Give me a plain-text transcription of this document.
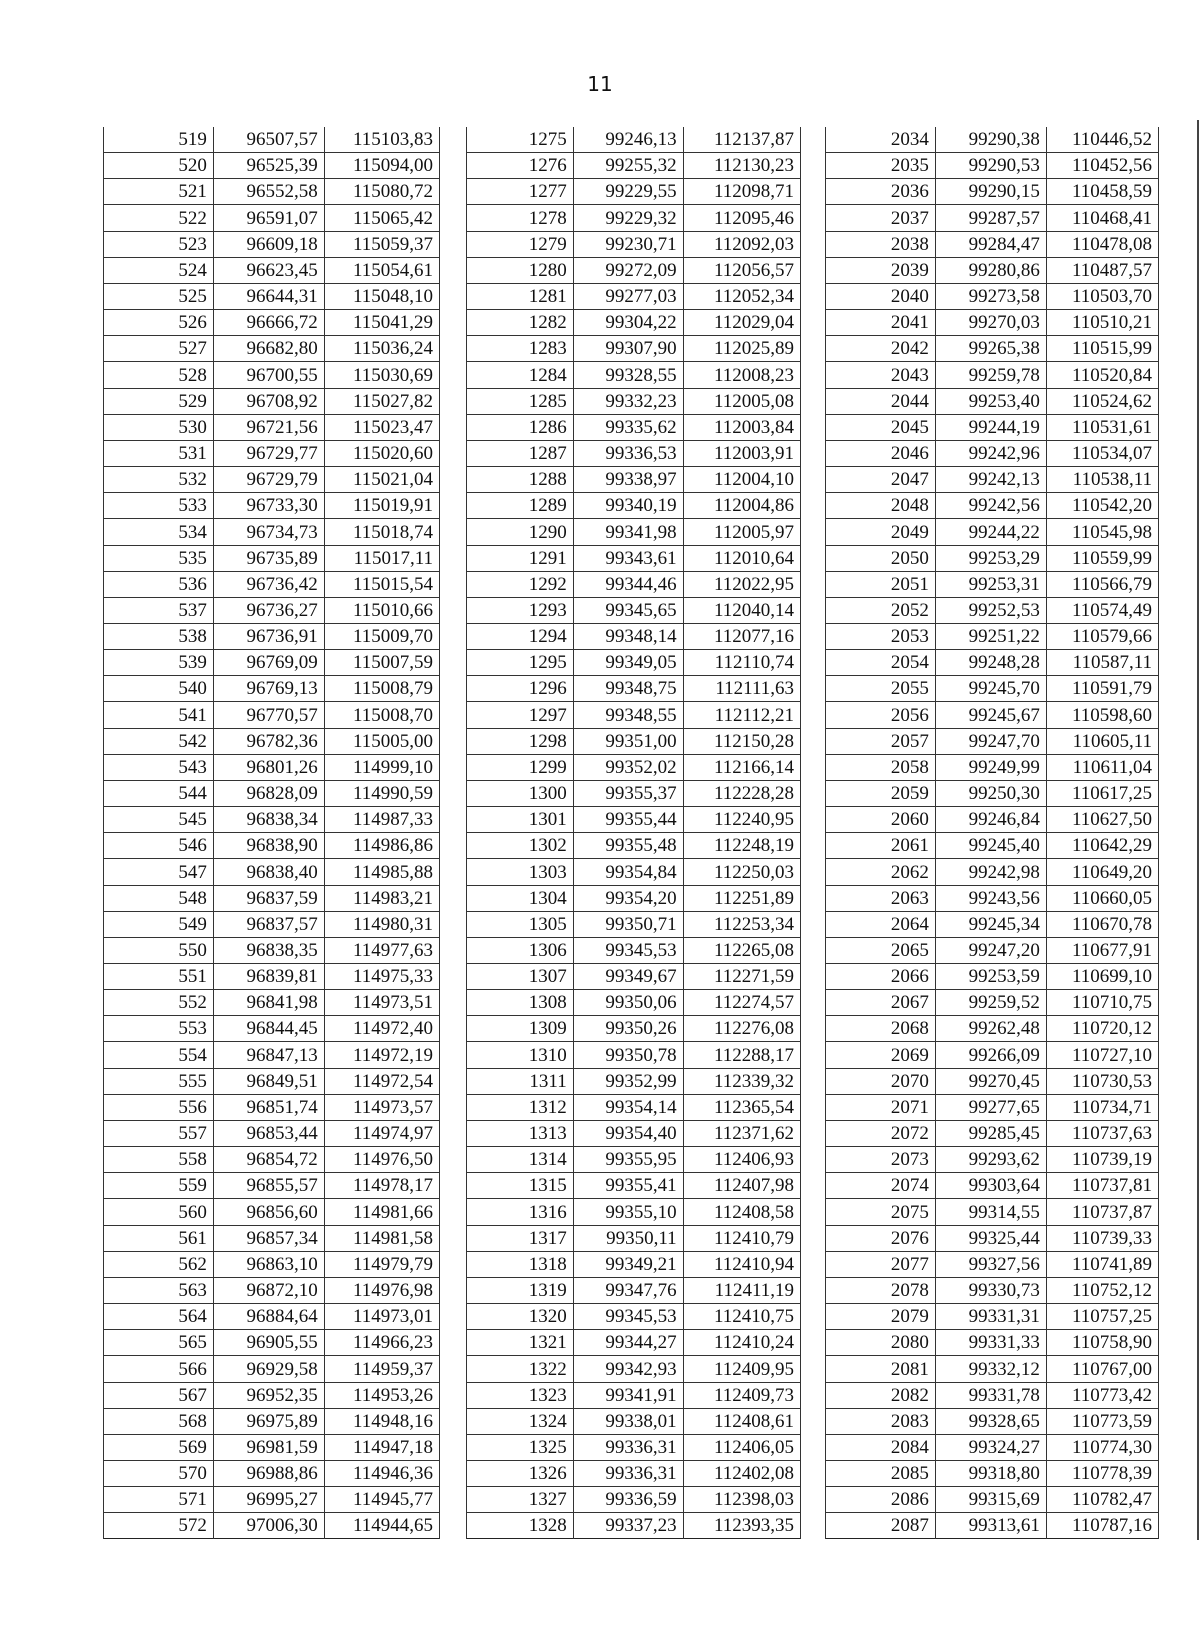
11
519	96507,57	115103,83
520	96525,39	115094,00
521	96552,58	115080,72
522	96591,07	115065,42
523	96609,18	115059,37
524	96623,45	115054,61
525	96644,31	115048,10
526	96666,72	115041,29
527	96682,80	115036,24
528	96700,55	115030,69
529	96708,92	115027,82
530	96721,56	115023,47
531	96729,77	115020,60
532	96729,79	115021,04
533	96733,30	115019,91
534	96734,73	115018,74
535	96735,89	115017,11
536	96736,42	115015,54
537	96736,27	115010,66
538	96736,91	115009,70
539	96769,09	115007,59
540	96769,13	115008,79
541	96770,57	115008,70
542	96782,36	115005,00
543	96801,26	114999,10
544	96828,09	114990,59
545	96838,34	114987,33
546	96838,90	114986,86
547	96838,40	114985,88
548	96837,59	114983,21
549	96837,57	114980,31
550	96838,35	114977,63
551	96839,81	114975,33
552	96841,98	114973,51
553	96844,45	114972,40
554	96847,13	114972,19
555	96849,51	114972,54
556	96851,74	114973,57
557	96853,44	114974,97
558	96854,72	114976,50
559	96855,57	114978,17
560	96856,60	114981,66
561	96857,34	114981,58
562	96863,10	114979,79
563	96872,10	114976,98
564	96884,64	114973,01
565	96905,55	114966,23
566	96929,58	114959,37
567	96952,35	114953,26
568	96975,89	114948,16
569	96981,59	114947,18
570	96988,86	114946,36
571	96995,27	114945,77
572	97006,30	114944,65
1275	99246,13	112137,87
1276	99255,32	112130,23
1277	99229,55	112098,71
1278	99229,32	112095,46
1279	99230,71	112092,03
1280	99272,09	112056,57
1281	99277,03	112052,34
1282	99304,22	112029,04
1283	99307,90	112025,89
1284	99328,55	112008,23
1285	99332,23	112005,08
1286	99335,62	112003,84
1287	99336,53	112003,91
1288	99338,97	112004,10
1289	99340,19	112004,86
1290	99341,98	112005,97
1291	99343,61	112010,64
1292	99344,46	112022,95
1293	99345,65	112040,14
1294	99348,14	112077,16
1295	99349,05	112110,74
1296	99348,75	112111,63
1297	99348,55	112112,21
1298	99351,00	112150,28
1299	99352,02	112166,14
1300	99355,37	112228,28
1301	99355,44	112240,95
1302	99355,48	112248,19
1303	99354,84	112250,03
1304	99354,20	112251,89
1305	99350,71	112253,34
1306	99345,53	112265,08
1307	99349,67	112271,59
1308	99350,06	112274,57
1309	99350,26	112276,08
1310	99350,78	112288,17
1311	99352,99	112339,32
1312	99354,14	112365,54
1313	99354,40	112371,62
1314	99355,95	112406,93
1315	99355,41	112407,98
1316	99355,10	112408,58
1317	99350,11	112410,79
1318	99349,21	112410,94
1319	99347,76	112411,19
1320	99345,53	112410,75
1321	99344,27	112410,24
1322	99342,93	112409,95
1323	99341,91	112409,73
1324	99338,01	112408,61
1325	99336,31	112406,05
1326	99336,31	112402,08
1327	99336,59	112398,03
1328	99337,23	112393,35
2034	99290,38	110446,52
2035	99290,53	110452,56
2036	99290,15	110458,59
2037	99287,57	110468,41
2038	99284,47	110478,08
2039	99280,86	110487,57
2040	99273,58	110503,70
2041	99270,03	110510,21
2042	99265,38	110515,99
2043	99259,78	110520,84
2044	99253,40	110524,62
2045	99244,19	110531,61
2046	99242,96	110534,07
2047	99242,13	110538,11
2048	99242,56	110542,20
2049	99244,22	110545,98
2050	99253,29	110559,99
2051	99253,31	110566,79
2052	99252,53	110574,49
2053	99251,22	110579,66
2054	99248,28	110587,11
2055	99245,70	110591,79
2056	99245,67	110598,60
2057	99247,70	110605,11
2058	99249,99	110611,04
2059	99250,30	110617,25
2060	99246,84	110627,50
2061	99245,40	110642,29
2062	99242,98	110649,20
2063	99243,56	110660,05
2064	99245,34	110670,78
2065	99247,20	110677,91
2066	99253,59	110699,10
2067	99259,52	110710,75
2068	99262,48	110720,12
2069	99266,09	110727,10
2070	99270,45	110730,53
2071	99277,65	110734,71
2072	99285,45	110737,63
2073	99293,62	110739,19
2074	99303,64	110737,81
2075	99314,55	110737,87
2076	99325,44	110739,33
2077	99327,56	110741,89
2078	99330,73	110752,12
2079	99331,31	110757,25
2080	99331,33	110758,90
2081	99332,12	110767,00
2082	99331,78	110773,42
2083	99328,65	110773,59
2084	99324,27	110774,30
2085	99318,80	110778,39
2086	99315,69	110782,47
2087	99313,61	110787,16
